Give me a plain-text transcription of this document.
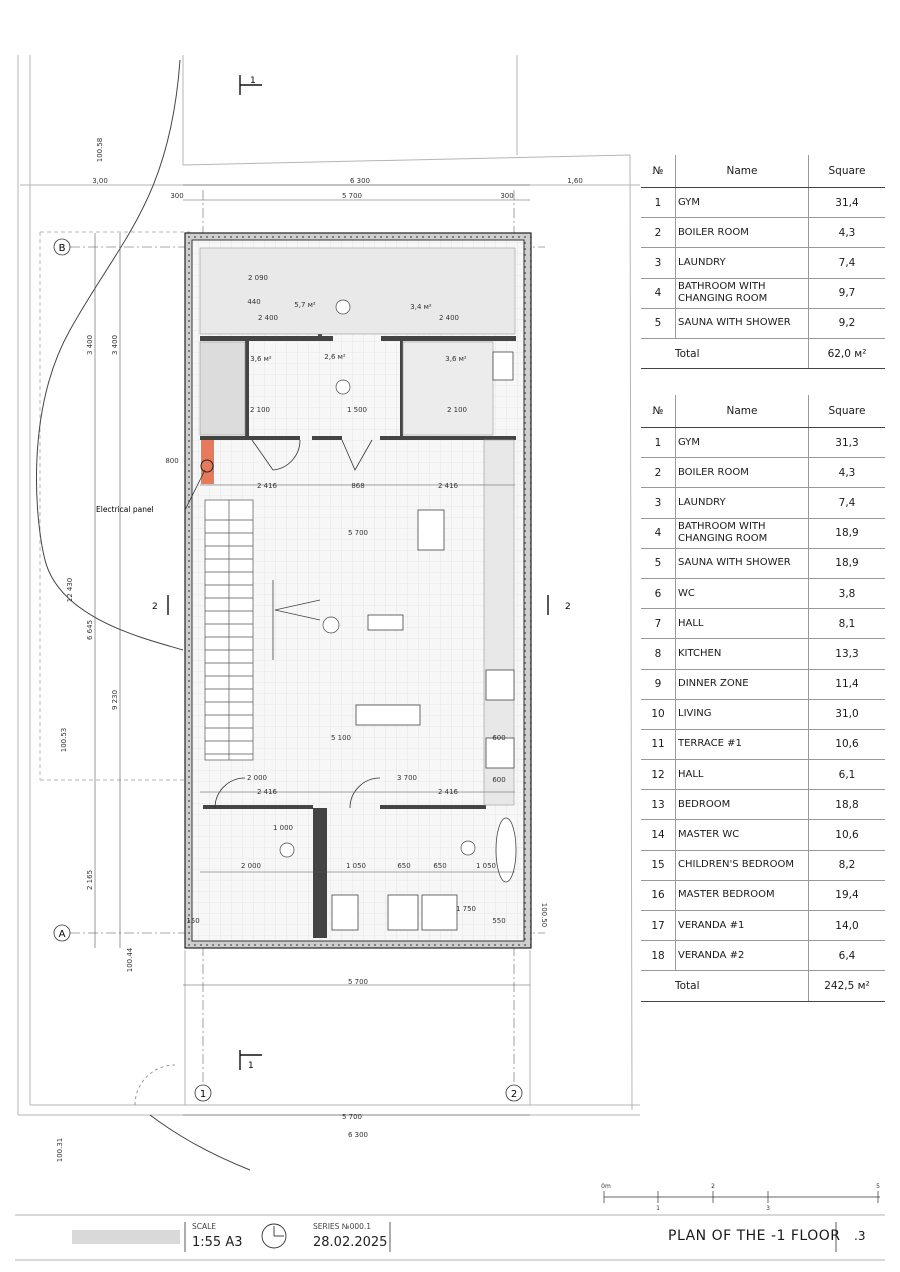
B
A
1	2
1
1
2	2
Electrical panel
6 300
5 700
300	300
3,00	1,60
2 090
2 400	2 400
440
2 100	1 500	2 100
2 416	868	2 416
5 700
5 100
2 000	3 700
2 416	2 416
1 000
2 000	1 050	650	650	1 050
1 750
550
150
5 700
5 700
6 300
600
600
800
3 400 3 400
12 430
6 645
9 230
2 165
100.58
100.53
100.44
100.50
100.31
5,7 м²	3,4 м²
3,6 м²	2,6 м²	3,6 м²
0m
1
2
3
5
№	Name	Square
1	GYM	31,4
2	BOILER ROOM	4,3
3	LAUNDRY	7,4
4	BATHROOM WITH CHANGING ROOM	9,7
5	SAUNA WITH SHOWER	9,2
Total		62,0 м²
№	Name	Square
1	GYM	31,3
2	BOILER ROOM	4,3
3	LAUNDRY	7,4
4	BATHROOM WITH CHANGING ROOM	18,9
5	SAUNA WITH SHOWER	18,9
6	WC	3,8
7	HALL	8,1
8	KITCHEN	13,3
9	DINNER ZONE	11,4
10	LIVING	31,0
11	TERRACE #1	10,6
12	HALL	6,1
13	BEDROOM	18,8
14	MASTER WC	10,6
15	CHILDREN'S BEDROOM	8,2
16	MASTER BEDROOM	19,4
17	VERANDA #1	14,0
18	VERANDA #2	6,4
Total		242,5 м²
SCALE
1:55 A3
SERIES №000.1
28.02.2025	PLAN OF THE -1 FLOOR .3
